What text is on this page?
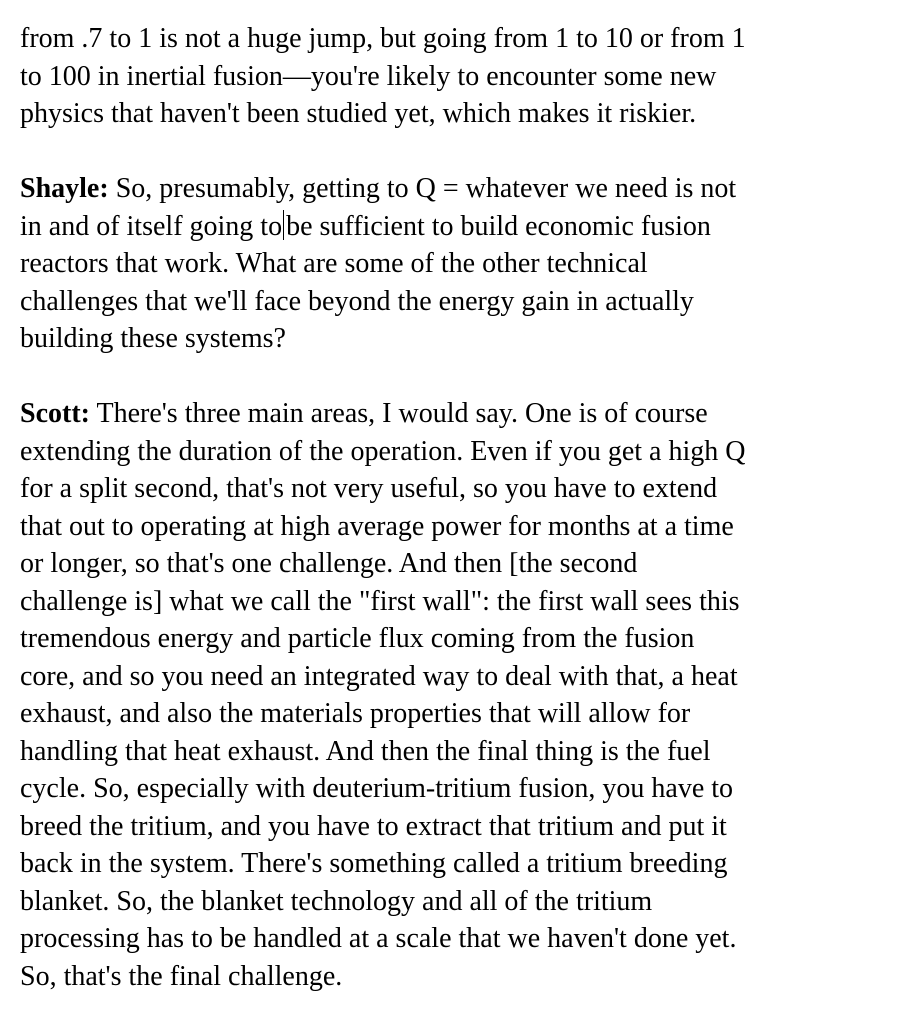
from .7 to 1 is not a huge jump, but going from 1 to 10 or from 1
to 100 in inertial fusion—you're likely to encounter some new
physics that haven't been studied yet, which makes it riskier.
Shayle: So, presumably, getting to Q = whatever we need is not
in and of itself going to be sufficient to build economic fusion
reactors that work. What are some of the other technical
challenges that we'll face beyond the energy gain in actually
building these systems?
Scott: There's three main areas, I would say. One is of course
extending the duration of the operation. Even if you get a high Q
for a split second, that's not very useful, so you have to extend
that out to operating at high average power for months at a time
or longer, so that's one challenge. And then [the second
challenge is] what we call the "first wall": the first wall sees this
tremendous energy and particle flux coming from the fusion
core, and so you need an integrated way to deal with that, a heat
exhaust, and also the materials properties that will allow for
handling that heat exhaust. And then the final thing is the fuel
cycle. So, especially with deuterium-tritium fusion, you have to
breed the tritium, and you have to extract that tritium and put it
back in the system. There's something called a tritium breeding
blanket. So, the blanket technology and all of the tritium
processing has to be handled at a scale that we haven't done yet.
So, that's the final challenge.
